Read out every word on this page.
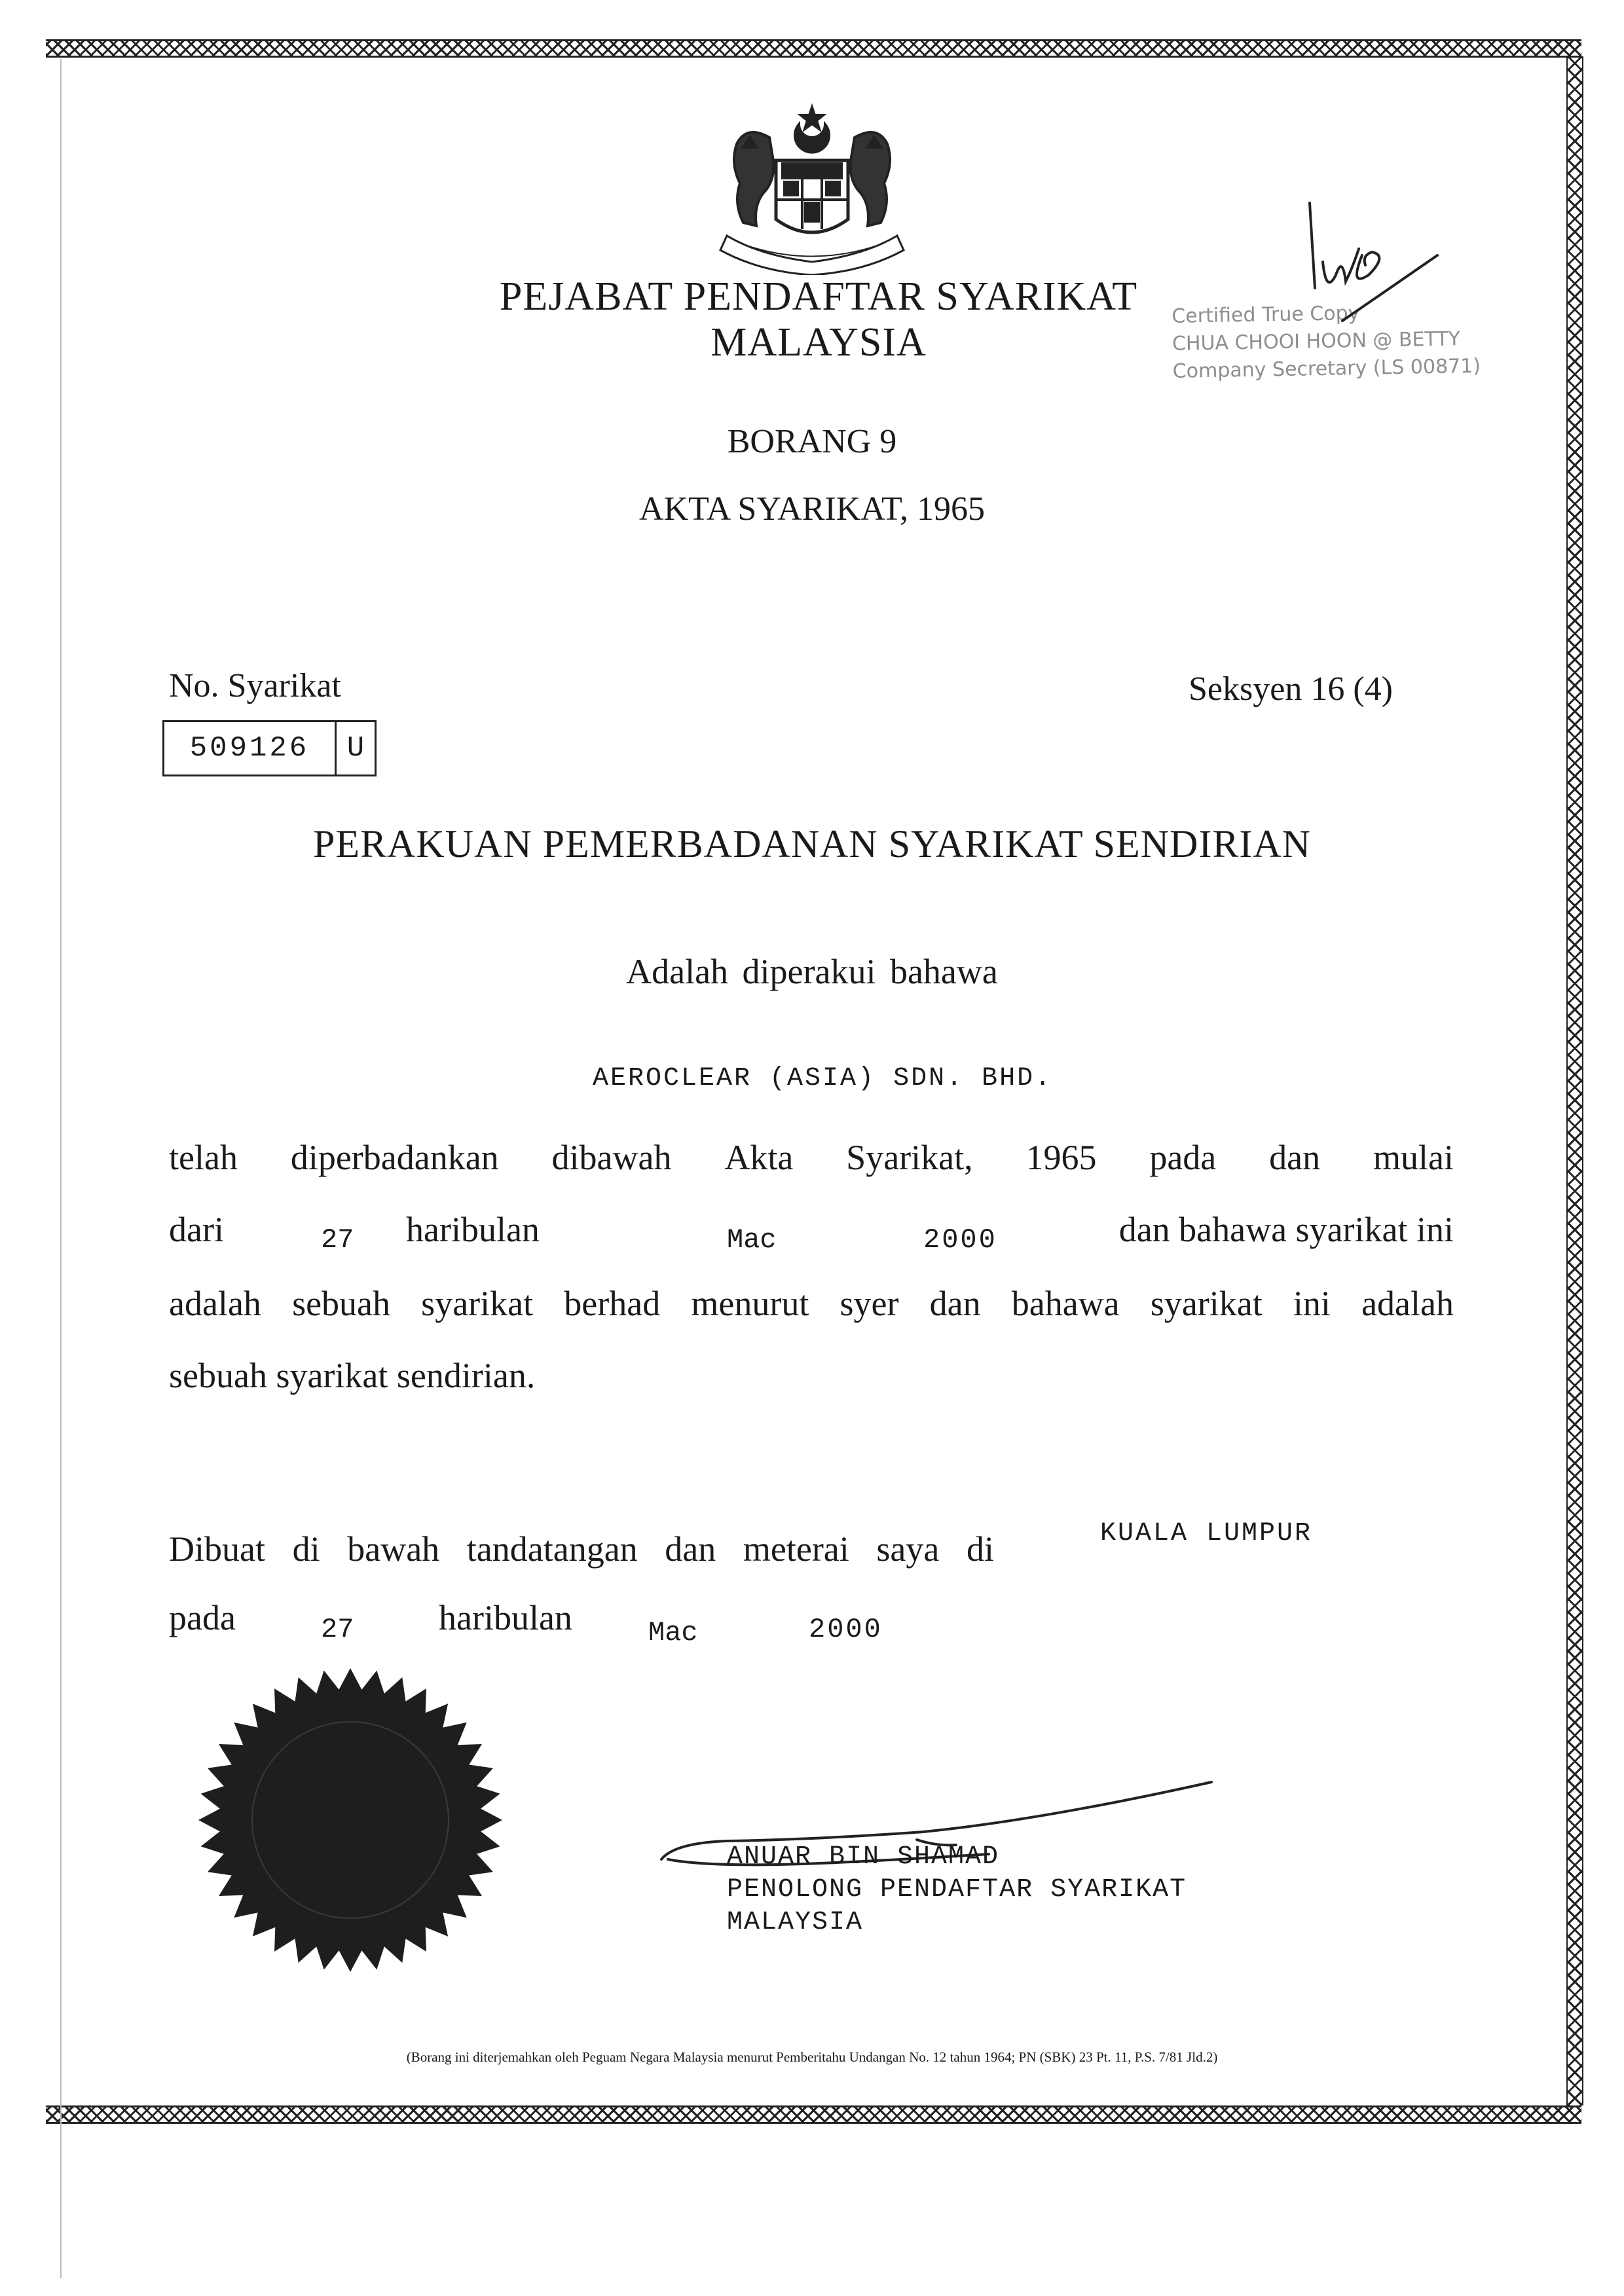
PEJABAT PENDAFTAR SYARIKAT
MALAYSIA
Certified True Copy
CHUA CHOOI HOON @ BETTY
Company Secretary (LS 00871)
BORANG 9
AKTA SYARIKAT, 1965
No. Syarikat
509126	U
Seksyen 16 (4)
PERAKUAN PEMERBADANAN SYARIKAT SENDIRIAN
Adalah diperakui bahawa
AEROCLEAR (ASIA) SDN. BHD.
telah diperbadankan dibawah Akta Syarikat, 1965 pada dan mulai
dari	27 haribulan	Mac	2000	dan bahawa syarikat ini
adalah sebuah syarikat berhad menurut syer dan bahawa syarikat ini adalah
sebuah syarikat sendirian.
Dibuat di bawah tandatangan dan meterai saya di	KUALA LUMPUR
pada	27 haribulan	Mac	2000
ANUAR BIN SHAMAD
PENOLONG PENDAFTAR SYARIKAT
MALAYSIA
(Borang ini diterjemahkan oleh Peguam Negara Malaysia menurut Pemberitahu Undangan No. 12 tahun 1964; PN (SBK) 23 Pt. 11, P.S. 7/81 Jld.2)
